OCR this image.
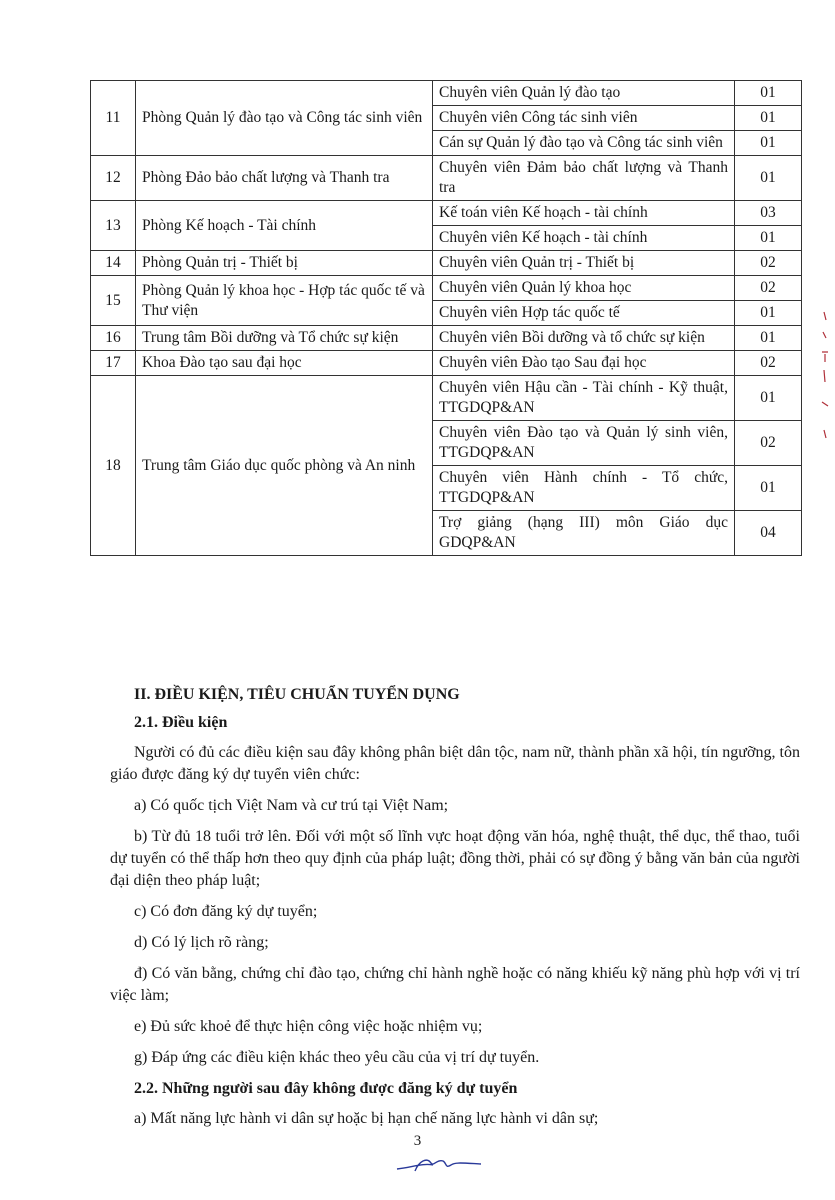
11	Phòng Quản lý đào tạo và Công tác sinh viên	Chuyên viên Quản lý đào tạo	01
		Chuyên viên Công tác sinh viên	01
		Cán sự Quản lý đào tạo và Công tác sinh viên	01
12	Phòng Đảo bảo chất lượng và Thanh tra	Chuyên viên Đảm bảo chất lượng và Thanh tra	01
13	Phòng Kế hoạch - Tài chính	Kế toán viên Kế hoạch - tài chính	03
		Chuyên viên Kế hoạch - tài chính	01
14	Phòng Quản trị - Thiết bị	Chuyên viên Quản trị - Thiết bị	02
15	Phòng Quản lý khoa học - Hợp tác quốc tế và Thư viện	Chuyên viên Quản lý khoa học	02
		Chuyên viên Hợp tác quốc tế	01
16	Trung tâm Bồi dưỡng và Tổ chức sự kiện	Chuyên viên Bồi dưỡng và tổ chức sự kiện	01
17	Khoa Đào tạo sau đại học	Chuyên viên Đào tạo Sau đại học	02
18	Trung tâm Giáo dục quốc phòng và An ninh	Chuyên viên Hậu cần - Tài chính - Kỹ thuật, TTGDQP&AN	01
		Chuyên viên Đào tạo và Quản lý sinh viên, TTGDQP&AN	02
		Chuyên viên Hành chính - Tổ chức, TTGDQP&AN	01
		Trợ giảng (hạng III) môn Giáo dục GDQP&AN	04
II. ĐIỀU KIỆN, TIÊU CHUẨN TUYỂN DỤNG
2.1. Điều kiện
Người có đủ các điều kiện sau đây không phân biệt dân tộc, nam nữ, thành phần xã hội, tín ngưỡng, tôn giáo được đăng ký dự tuyển viên chức:
a) Có quốc tịch Việt Nam và cư trú tại Việt Nam;
b) Từ đủ 18 tuổi trở lên. Đối với một số lĩnh vực hoạt động văn hóa, nghệ thuật, thể dục, thể thao, tuổi dự tuyển có thể thấp hơn theo quy định của pháp luật; đồng thời, phải có sự đồng ý bằng văn bản của người đại diện theo pháp luật;
c) Có đơn đăng ký dự tuyển;
d) Có lý lịch rõ ràng;
đ) Có văn bằng, chứng chỉ đào tạo, chứng chỉ hành nghề hoặc có năng khiếu kỹ năng phù hợp với vị trí việc làm;
e) Đủ sức khoẻ để thực hiện công việc hoặc nhiệm vụ;
g) Đáp ứng các điều kiện khác theo yêu cầu của vị trí dự tuyển.
2.2. Những người sau đây không được đăng ký dự tuyển
a) Mất năng lực hành vi dân sự hoặc bị hạn chế năng lực hành vi dân sự;
3
